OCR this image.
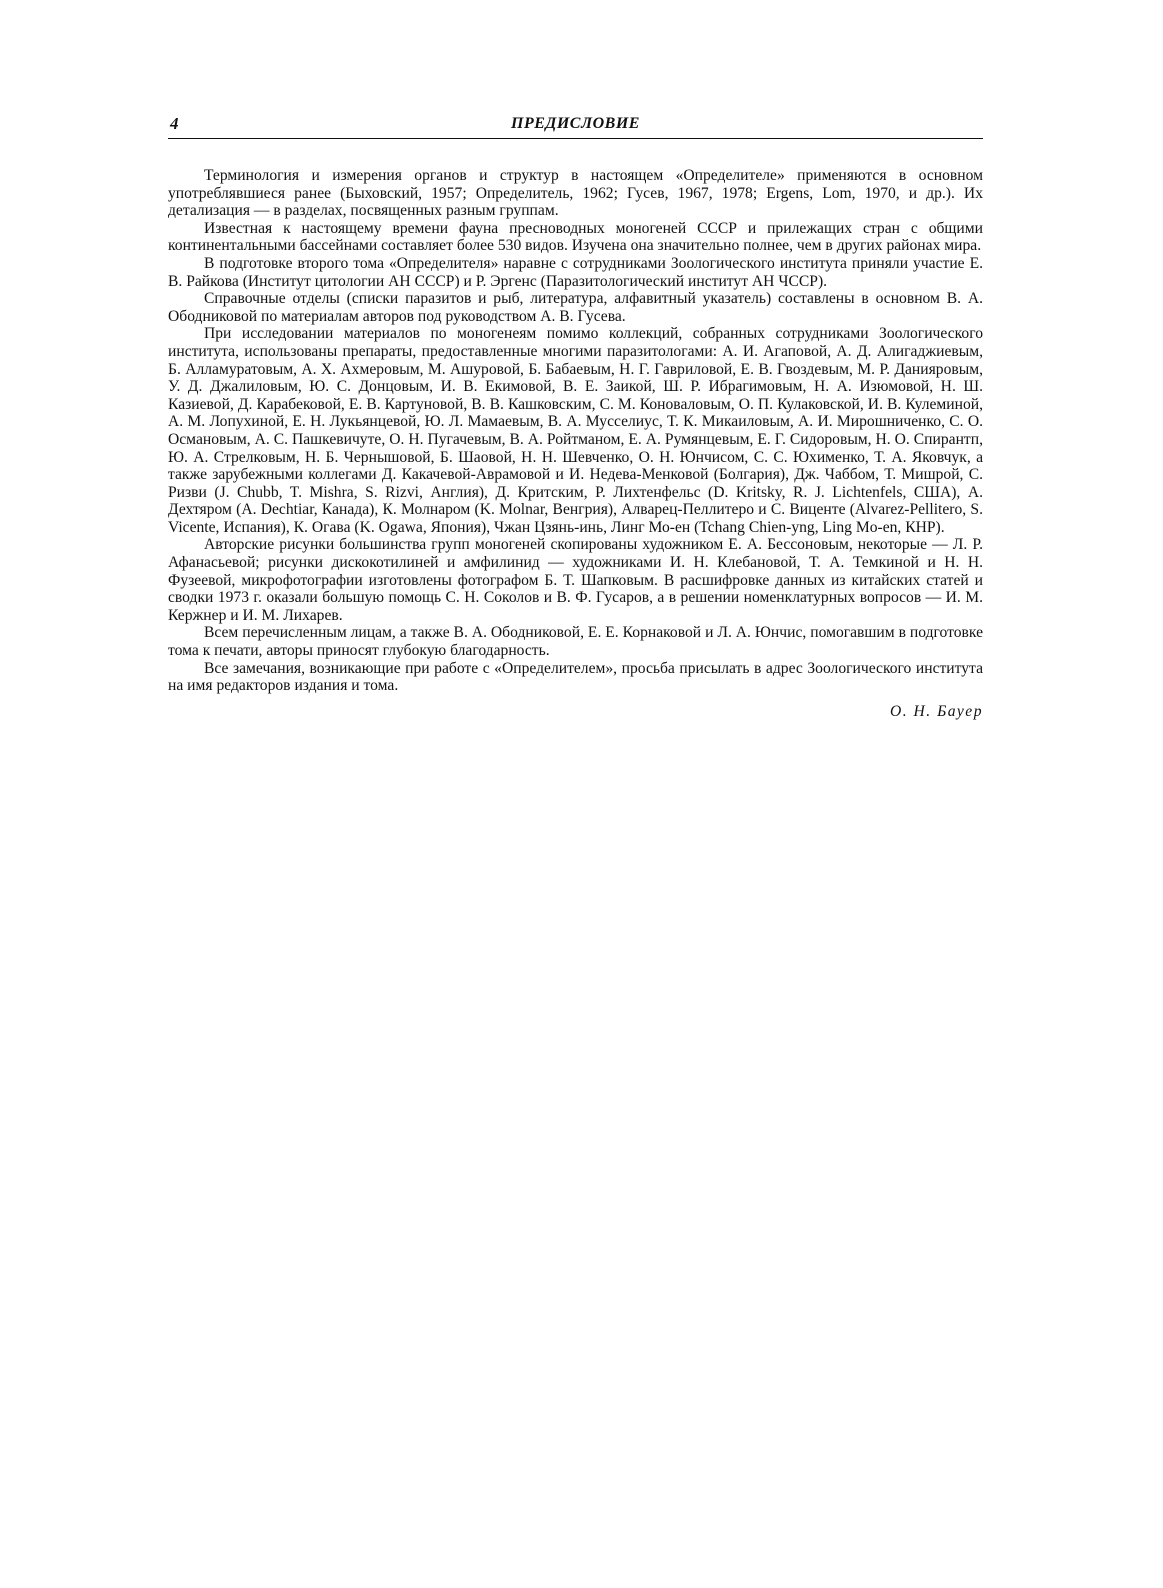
4	ПРЕДИСЛОВИЕ

Терминология и измерения органов и структур в настоящем «Определителе» применяются в основном употреблявшиеся ранее (Быховский, 1957; Определитель, 1962; Гусев, 1967, 1978; Ergens, Lom, 1970, и др.). Их детализация — в разделах, посвященных разным группам.

Известная к настоящему времени фауна пресноводных моногеней СССР и прилежащих стран с общими континентальными бассейнами составляет более 530 видов. Изучена она значительно полнее, чем в других районах мира.

В подготовке второго тома «Определителя» наравне с сотрудниками Зоологического института приняли участие Е. В. Райкова (Институт цитологии АН СССР) и Р. Эргенс (Паразитологический институт АН ЧССР).

Справочные отделы (списки паразитов и рыб, литература, алфавитный указатель) составлены в основном В. А. Ободниковой по материалам авторов под руководством А. В. Гусева.

При исследовании материалов по моногенеям помимо коллекций, собранных сотрудниками Зоологического института, использованы препараты, предоставленные многими паразитологами: А. И. Агаповой, А. Д. Алигаджиевым, Б. Алламуратовым, А. Х. Ахмеровым, М. Ашуровой, Б. Бабаевым, Н. Г. Гавриловой, Е. В. Гвоздевым, М. Р. Данияровым, У. Д. Джалиловым, Ю. С. Донцовым, И. В. Екимовой, В. Е. Заикой, Ш. Р. Ибрагимовым, Н. А. Изюмовой, Н. Ш. Казиевой, Д. Карабековой, Е. В. Картуновой, В. В. Кашковским, С. М. Коноваловым, О. П. Кулаковской, И. В. Кулеминой, А. М. Лопухиной, Е. Н. Лукьянцевой, Ю. Л. Мамаевым, В. А. Мусселиус, Т. К. Микаиловым, А. И. Мирошниченко, С. О. Османовым, А. С. Пашкевичуте, О. Н. Пугачевым, В. А. Ройтманом, Е. А. Румянцевым, Е. Г. Сидоровым, Н. О. Спирантп, Ю. А. Стрелковым, Н. Б. Чернышовой, Б. Шаовой, Н. Н. Шевченко, О. Н. Юнчисом, С. С. Юхименко, Т. А. Яковчук, а также зарубежными коллегами Д. Какачевой-Аврамовой и И. Недева-Менковой (Болгария), Дж. Чаббом, Т. Мишрой, С. Ризви (J. Chubb, T. Mishra, S. Rizvi, Англия), Д. Критским, Р. Лихтенфельс (D. Kritsky, R. J. Lichtenfels, США), А. Дехтяром (A. Dechtiar, Канада), К. Молнаром (K. Molnar, Венгрия), Алварец-Пеллитеро и С. Виценте (Alvarez-Pellitero, S. Vicente, Испания), К. Огава (K. Ogawa, Япония), Чжан Цзянь-инь, Линг Мо-ен (Tchang Chien-yng, Ling Mo-en, КНР).

Авторские рисунки большинства групп моногеней скопированы художником Е. А. Бессоновым, некоторые — Л. Р. Афанасьевой; рисунки дискокотилиней и амфилинид — художниками И. Н. Клебановой, Т. А. Темкиной и Н. Н. Фузеевой, микрофотографии изготовлены фотографом Б. Т. Шапковым. В расшифровке данных из китайских статей и сводки 1973 г. оказали большую помощь С. Н. Соколов и В. Ф. Гусаров, а в решении номенклатурных вопросов — И. М. Кержнер и И. М. Лихарев.

Всем перечисленным лицам, а также В. А. Ободниковой, Е. Е. Корнаковой и Л. А. Юнчис, помогавшим в подготовке тома к печати, авторы приносят глубокую благодарность.

Все замечания, возникающие при работе с «Определителем», просьба присылать в адрес Зоологического института на имя редакторов издания и тома.

О. Н. Бауер
